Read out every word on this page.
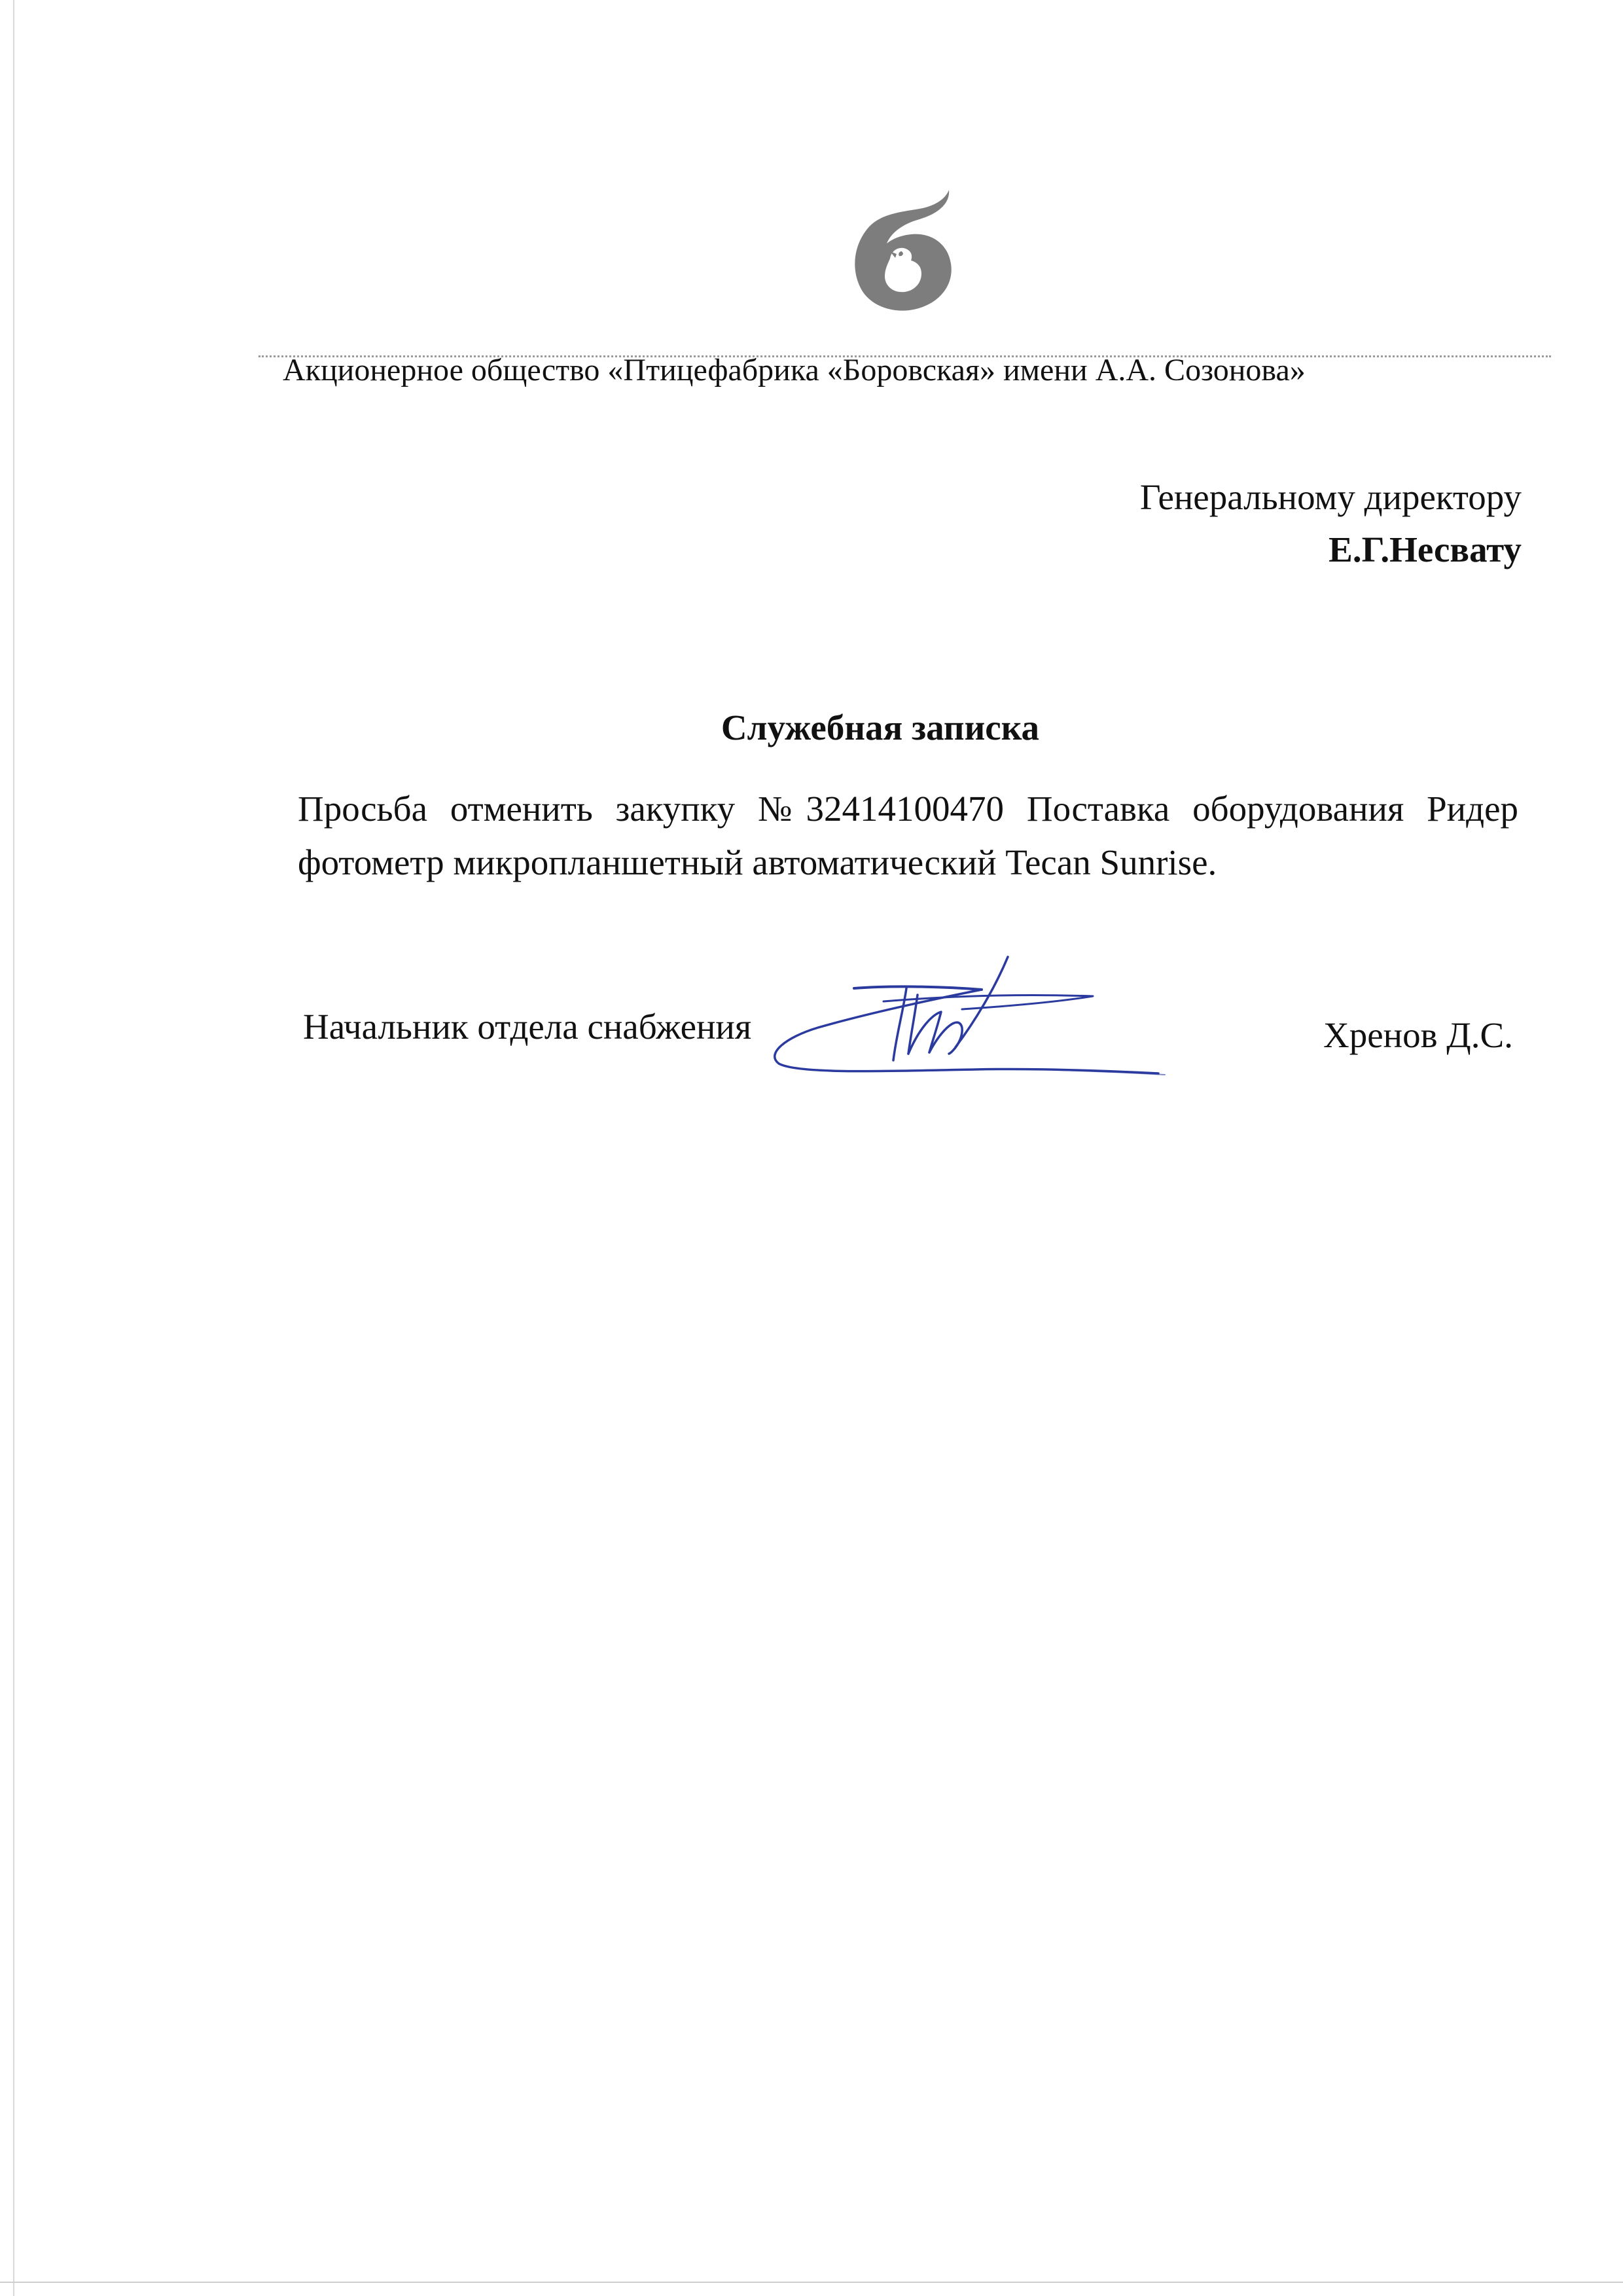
Акционерное общество «Птицефабрика «Боровская» имени А.А. Созонова»
Генеральному директору
Е.Г.Несвату
Служебная записка
Просьба отменить закупку №32414100470 Поставка оборудования Ридер
фотометр микропланшетный автоматический Tecan Sunrise.
Начальник отдела снабжения	Хренов Д.С.
